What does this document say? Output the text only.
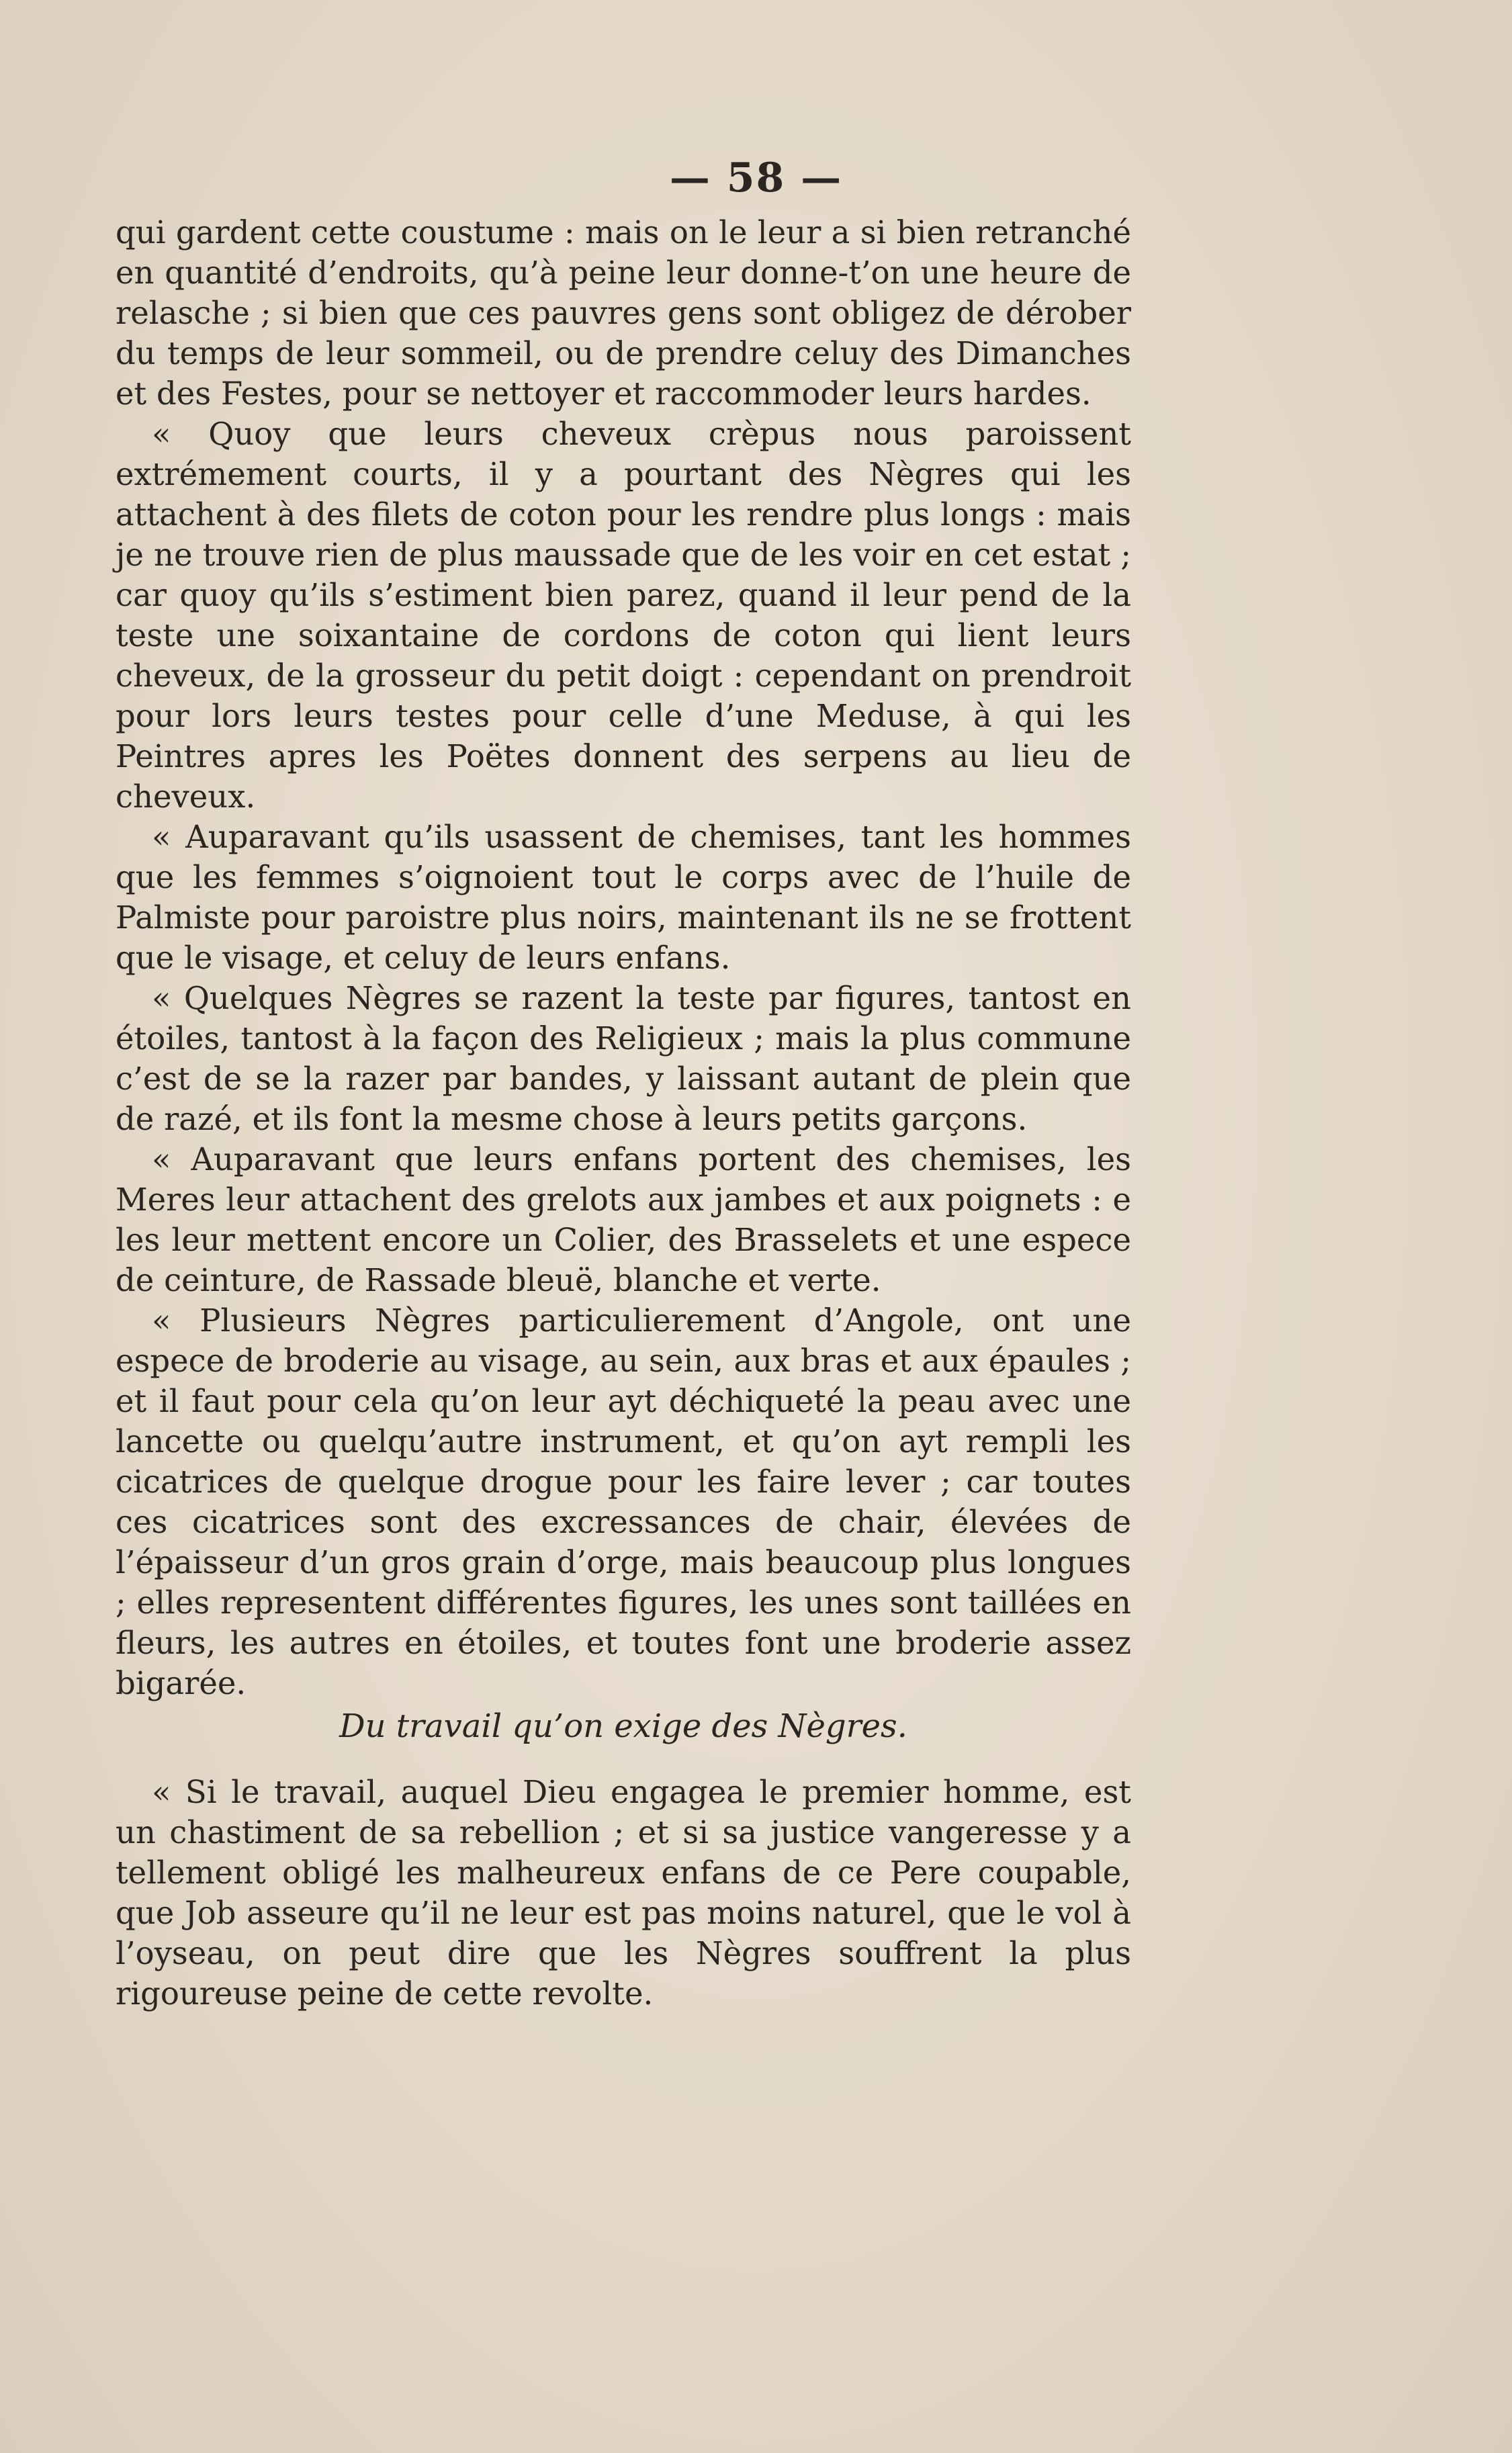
— 58 —

qui gardent cette coustume : mais on le leur a si bien retranché en quantité d’endroits, qu’à peine leur donne-t’on une heure de relasche ; si bien que ces pauvres gens sont obligez de dérober du temps de leur sommeil, ou de prendre celuy des Dimanches et des Festes, pour se nettoyer et raccommoder leurs hardes.

« Quoy que leurs cheveux crèpus nous paroissent extrémement courts, il y a pourtant des Nègres qui les attachent à des filets de coton pour les rendre plus longs : mais je ne trouve rien de plus maussade que de les voir en cet estat ; car quoy qu’ils s’estiment bien parez, quand il leur pend de la teste une soixantaine de cordons de coton qui lient leurs cheveux, de la grosseur du petit doigt : cependant on prendroit pour lors leurs testes pour celle d’une Meduse, à qui les Peintres apres les Poëtes donnent des serpens au lieu de cheveux.

« Auparavant qu’ils usassent de chemises, tant les hommes que les femmes s’oignoient tout le corps avec de l’huile de Palmiste pour paroistre plus noirs, maintenant ils ne se frottent que le visage, et celuy de leurs enfans.

« Quelques Nègres se razent la teste par figures, tantost en étoiles, tantost à la façon des Religieux ; mais la plus commune c’est de se la razer par bandes, y laissant autant de plein que de razé, et ils font la mesme chose à leurs petits garçons.

« Auparavant que leurs enfans portent des chemises, les Meres leur attachent des grelots aux jambes et aux poignets : e les leur mettent encore un Colier, des Brasselets et une espece de ceinture, de Rassade bleuë, blanche et verte.

« Plusieurs Nègres particulierement d’Angole, ont une espece de broderie au visage, au sein, aux bras et aux épaules ; et il faut pour cela qu’on leur ayt déchiqueté la peau avec une lancette ou quelqu’autre instrument, et qu’on ayt rempli les cicatrices de quelque drogue pour les faire lever ; car toutes ces cicatrices sont des excressances de chair, élevées de l’épaisseur d’un gros grain d’orge, mais beaucoup plus longues ; elles representent différentes figures, les unes sont taillées en fleurs, les autres en étoiles, et toutes font une broderie assez bigarée.

Du travail qu’on exige des Nègres.

« Si le travail, auquel Dieu engagea le premier homme, est un chastiment de sa rebellion ; et si sa justice vangeresse y a tellement obligé les malheureux enfans de ce Pere coupable, que Job asseure qu’il ne leur est pas moins naturel, que le vol à l’oyseau, on peut dire que les Nègres souffrent la plus rigoureuse peine de cette revolte.
